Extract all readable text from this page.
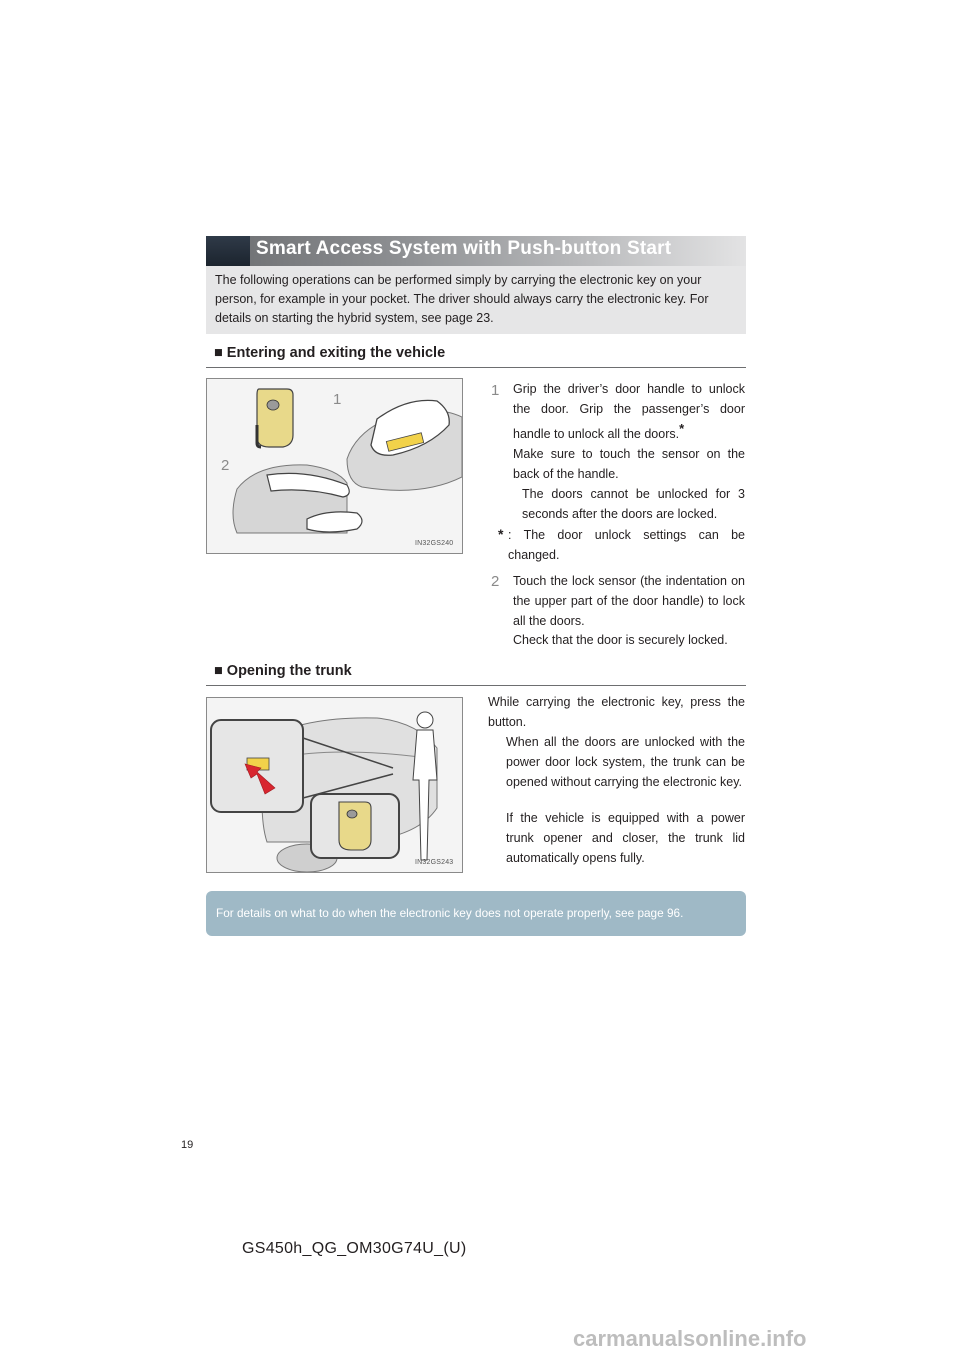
Smart Access System with Push-button Start
The following operations can be performed simply by carrying the electronic key on your person, for example in your pocket. The driver should always carry the electronic key. For details on starting the hybrid system, see page 23.
■ Entering and exiting the vehicle
1
2
IN32GS240
1	Grip the driver’s door handle to unlock the door. Grip the passenger’s door handle to unlock all the doors.*
Make sure to touch the sensor on the back of the handle.
The doors cannot be unlocked for 3 seconds after the doors are locked.
* : The door unlock settings can be changed.
2	Touch the lock sensor (the indentation on the upper part of the door handle) to lock all the doors.
Check that the door is securely locked.
■ Opening the trunk
IN32GS243
While carrying the electronic key, press the button.
When all the doors are unlocked with the power door lock system, the trunk can be opened without carrying the electronic key.
If the vehicle is equipped with a power trunk opener and closer, the trunk lid automatically opens fully.
For details on what to do when the electronic key does not operate properly, see page 96.
19
GS450h_QG_OM30G74U_(U)
carmanualsonline.info
